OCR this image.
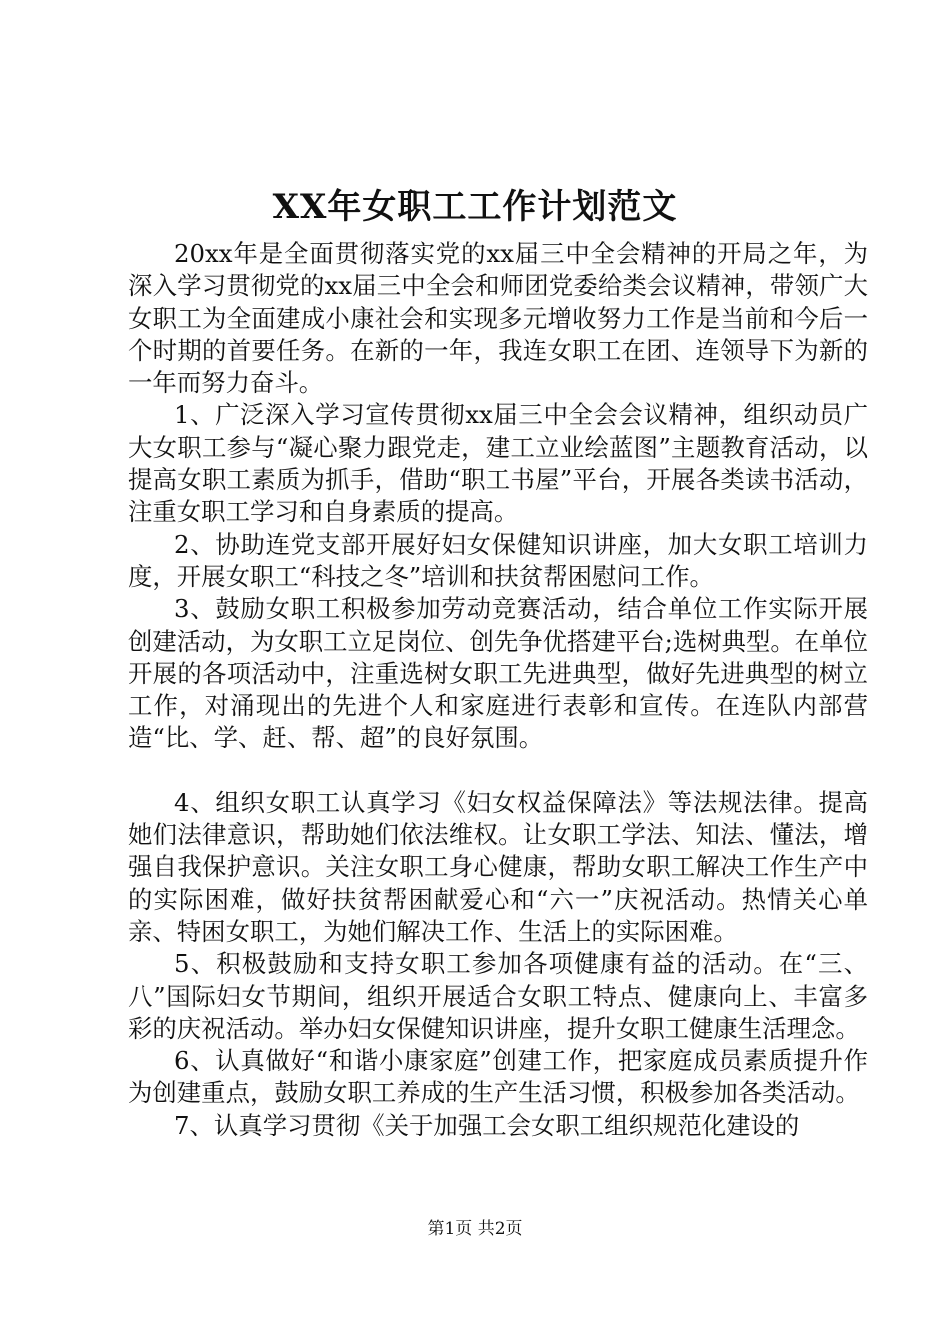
XX年女职工工作计划范文

20xx年是全面贯彻落实党的xx届三中全会精神的开局之年，为深入学习贯彻党的xx届三中全会和师团党委给类会议精神，带领广大女职工为全面建成小康社会和实现多元增收努力工作是当前和今后一个时期的首要任务。在新的一年，我连女职工在团、连领导下为新的一年而努力奋斗。

1、广泛深入学习宣传贯彻xx届三中全会会议精神，组织动员广大女职工参与“凝心聚力跟党走，建工立业绘蓝图”主题教育活动，以提高女职工素质为抓手，借助“职工书屋”平台，开展各类读书活动，注重女职工学习和自身素质的提高。

2、协助连党支部开展好妇女保健知识讲座，加大女职工培训力度，开展女职工“科技之冬”培训和扶贫帮困慰问工作。

3、鼓励女职工积极参加劳动竞赛活动，结合单位工作实际开展创建活动，为女职工立足岗位、创先争优搭建平台;选树典型。在单位开展的各项活动中，注重选树女职工先进典型，做好先进典型的树立工作，对涌现出的先进个人和家庭进行表彰和宣传。在连队内部营造“比、学、赶、帮、超”的良好氛围。

4、组织女职工认真学习《妇女权益保障法》等法规法律。提高她们法律意识，帮助她们依法维权。让女职工学法、知法、懂法，增强自我保护意识。关注女职工身心健康，帮助女职工解决工作生产中的实际困难，做好扶贫帮困献爱心和“六一”庆祝活动。热情关心单亲、特困女职工，为她们解决工作、生活上的实际困难。

5、积极鼓励和支持女职工参加各项健康有益的活动。在“三、八”国际妇女节期间，组织开展适合女职工特点、健康向上、丰富多彩的庆祝活动。举办妇女保健知识讲座，提升女职工健康生活理念。

6、认真做好“和谐小康家庭”创建工作，把家庭成员素质提升作为创建重点，鼓励女职工养成的生产生活习惯，积极参加各类活动。

7、认真学习贯彻《关于加强工会女职工组织规范化建设的

第1页 共2页
